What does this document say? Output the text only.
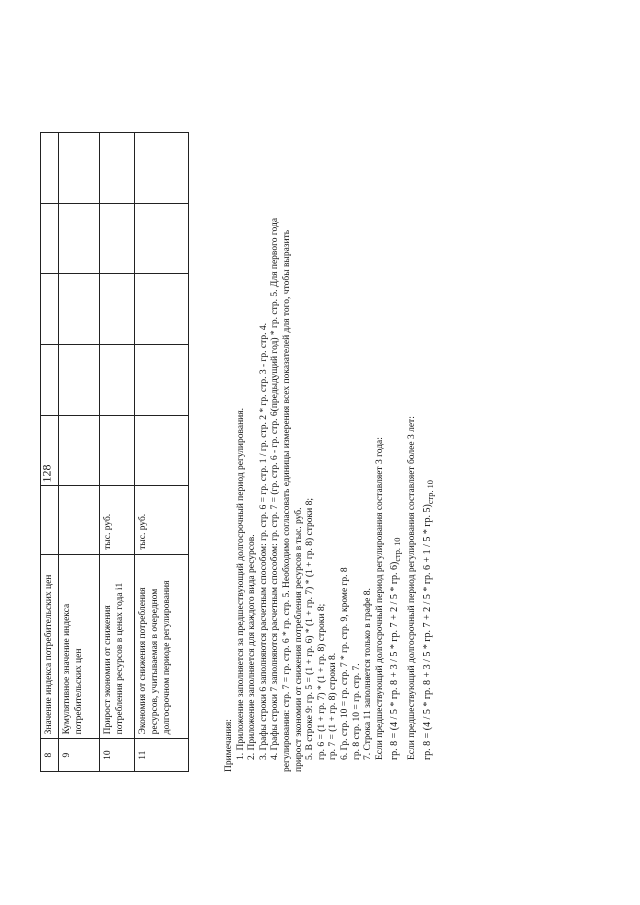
128
8	Значение индекса потребительских цен						
9	Кумулятивное значение индекса потребительских цен						
10	Прирост экономии от снижения потребления ресурсов в ценах года i1	тыс. руб.					
11	Экономия от снижения потребления ресурсов, учитываемая в очередном долгосрочном периоде регулирования	тыс. руб.					
Примечания: 1. Приложение заполняется за предшествующий долгосрочный период регулирования. 2. Приложение заполняется для каждого вида ресурсов. 3. Графы строки 6 заполняются расчетным способом: гр. стр. 6 = гр. стр. 1 / гр. стр. 2 * гр. стр. 3 - гр. стр. 4. 4. Графы строки 7 заполняются расчетным способом: гр. стр. 7 = (гр. стр. 6 - гр. стр. 6(предыдущий год) * гр. стр. 5. Для первого года регулирования: стр. 7 = гр. стр. 6 * гр. стр. 5. Необходимо согласовать единицы измерения всех показателей для того, чтобы выразить прирост экономии от снижения потребления ресурсов в тыс. руб. 5. В строке 9: гр. 5 = (1 + гр. 6) * (1 + гр. 7) * (1 + гр. 8) строки 8; гр. 6 = (1 + гр. 7) * (1 + гр. 8) строки 8; гр. 7 = (1 + гр. 8) строки 8. 6. Гр. стр. 10 = гр. стр. 7 * гр. стр. 9, кроме гр. 8 гр. 8 стр. 10 = гр. стр. 7. 7. Строка 11 заполняется только в графе 8. Если предшествующий долгосрочный период регулирования составляет 3 года: гр. 8 = (4 / 5 * гр. 8 + 3 / 5 * гр. 7 + 2 / 5 * гр. $6)_{стр. 10}$ Если предшествующий долгосрочный период регулирования составляет более 3 лет: гр. 8 = (4 / 5 * гр. 8 + 3 / 5 * гр. 7 + 2 / 5 * гр. 6 + 1 / 5 * гр. $5)_{стр. 10}$
